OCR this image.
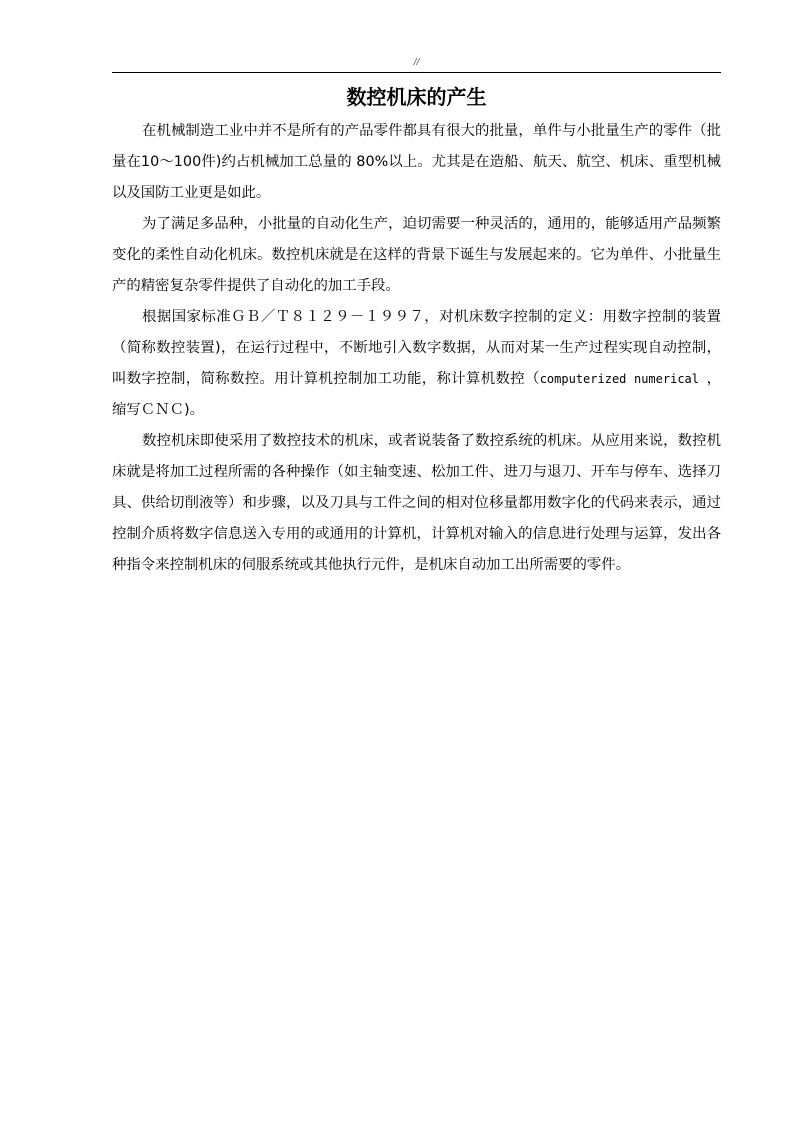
//
数控机床的产生

在机械制造工业中并不是所有的产品零件都具有很大的批量，单件与小批量生产的零件（批量在10～100件)约占机械加工总量的 80%以上。尤其是在造船、航天、航空、机床、重型机械以及国防工业更是如此。

为了满足多品种，小批量的自动化生产，迫切需要一种灵活的，通用的，能够适用产品频繁变化的柔性自动化机床。数控机床就是在这样的背景下诞生与发展起来的。它为单件、小批量生产的精密复杂零件提供了自动化的加工手段。

根据国家标准ＧＢ／Ｔ８１２９－１９９７，对机床数字控制的定义：用数字控制的装置（简称数控装置)，在运行过程中，不断地引入数字数据，从而对某一生产过程实现自动控制，叫数字控制，简称数控。用计算机控制加工功能，称计算机数控（computerized numerical ，缩写ＣＮＣ)。

数控机床即使采用了数控技术的机床，或者说装备了数控系统的机床。从应用来说，数控机床就是将加工过程所需的各种操作（如主轴变速、松加工件、进刀与退刀、开车与停车、选择刀具、供给切削液等）和步骤，以及刀具与工件之间的相对位移量都用数字化的代码来表示，通过控制介质将数字信息送入专用的或通用的计算机，计算机对输入的信息进行处理与运算，发出各种指令来控制机床的伺服系统或其他执行元件，是机床自动加工出所需要的零件。
